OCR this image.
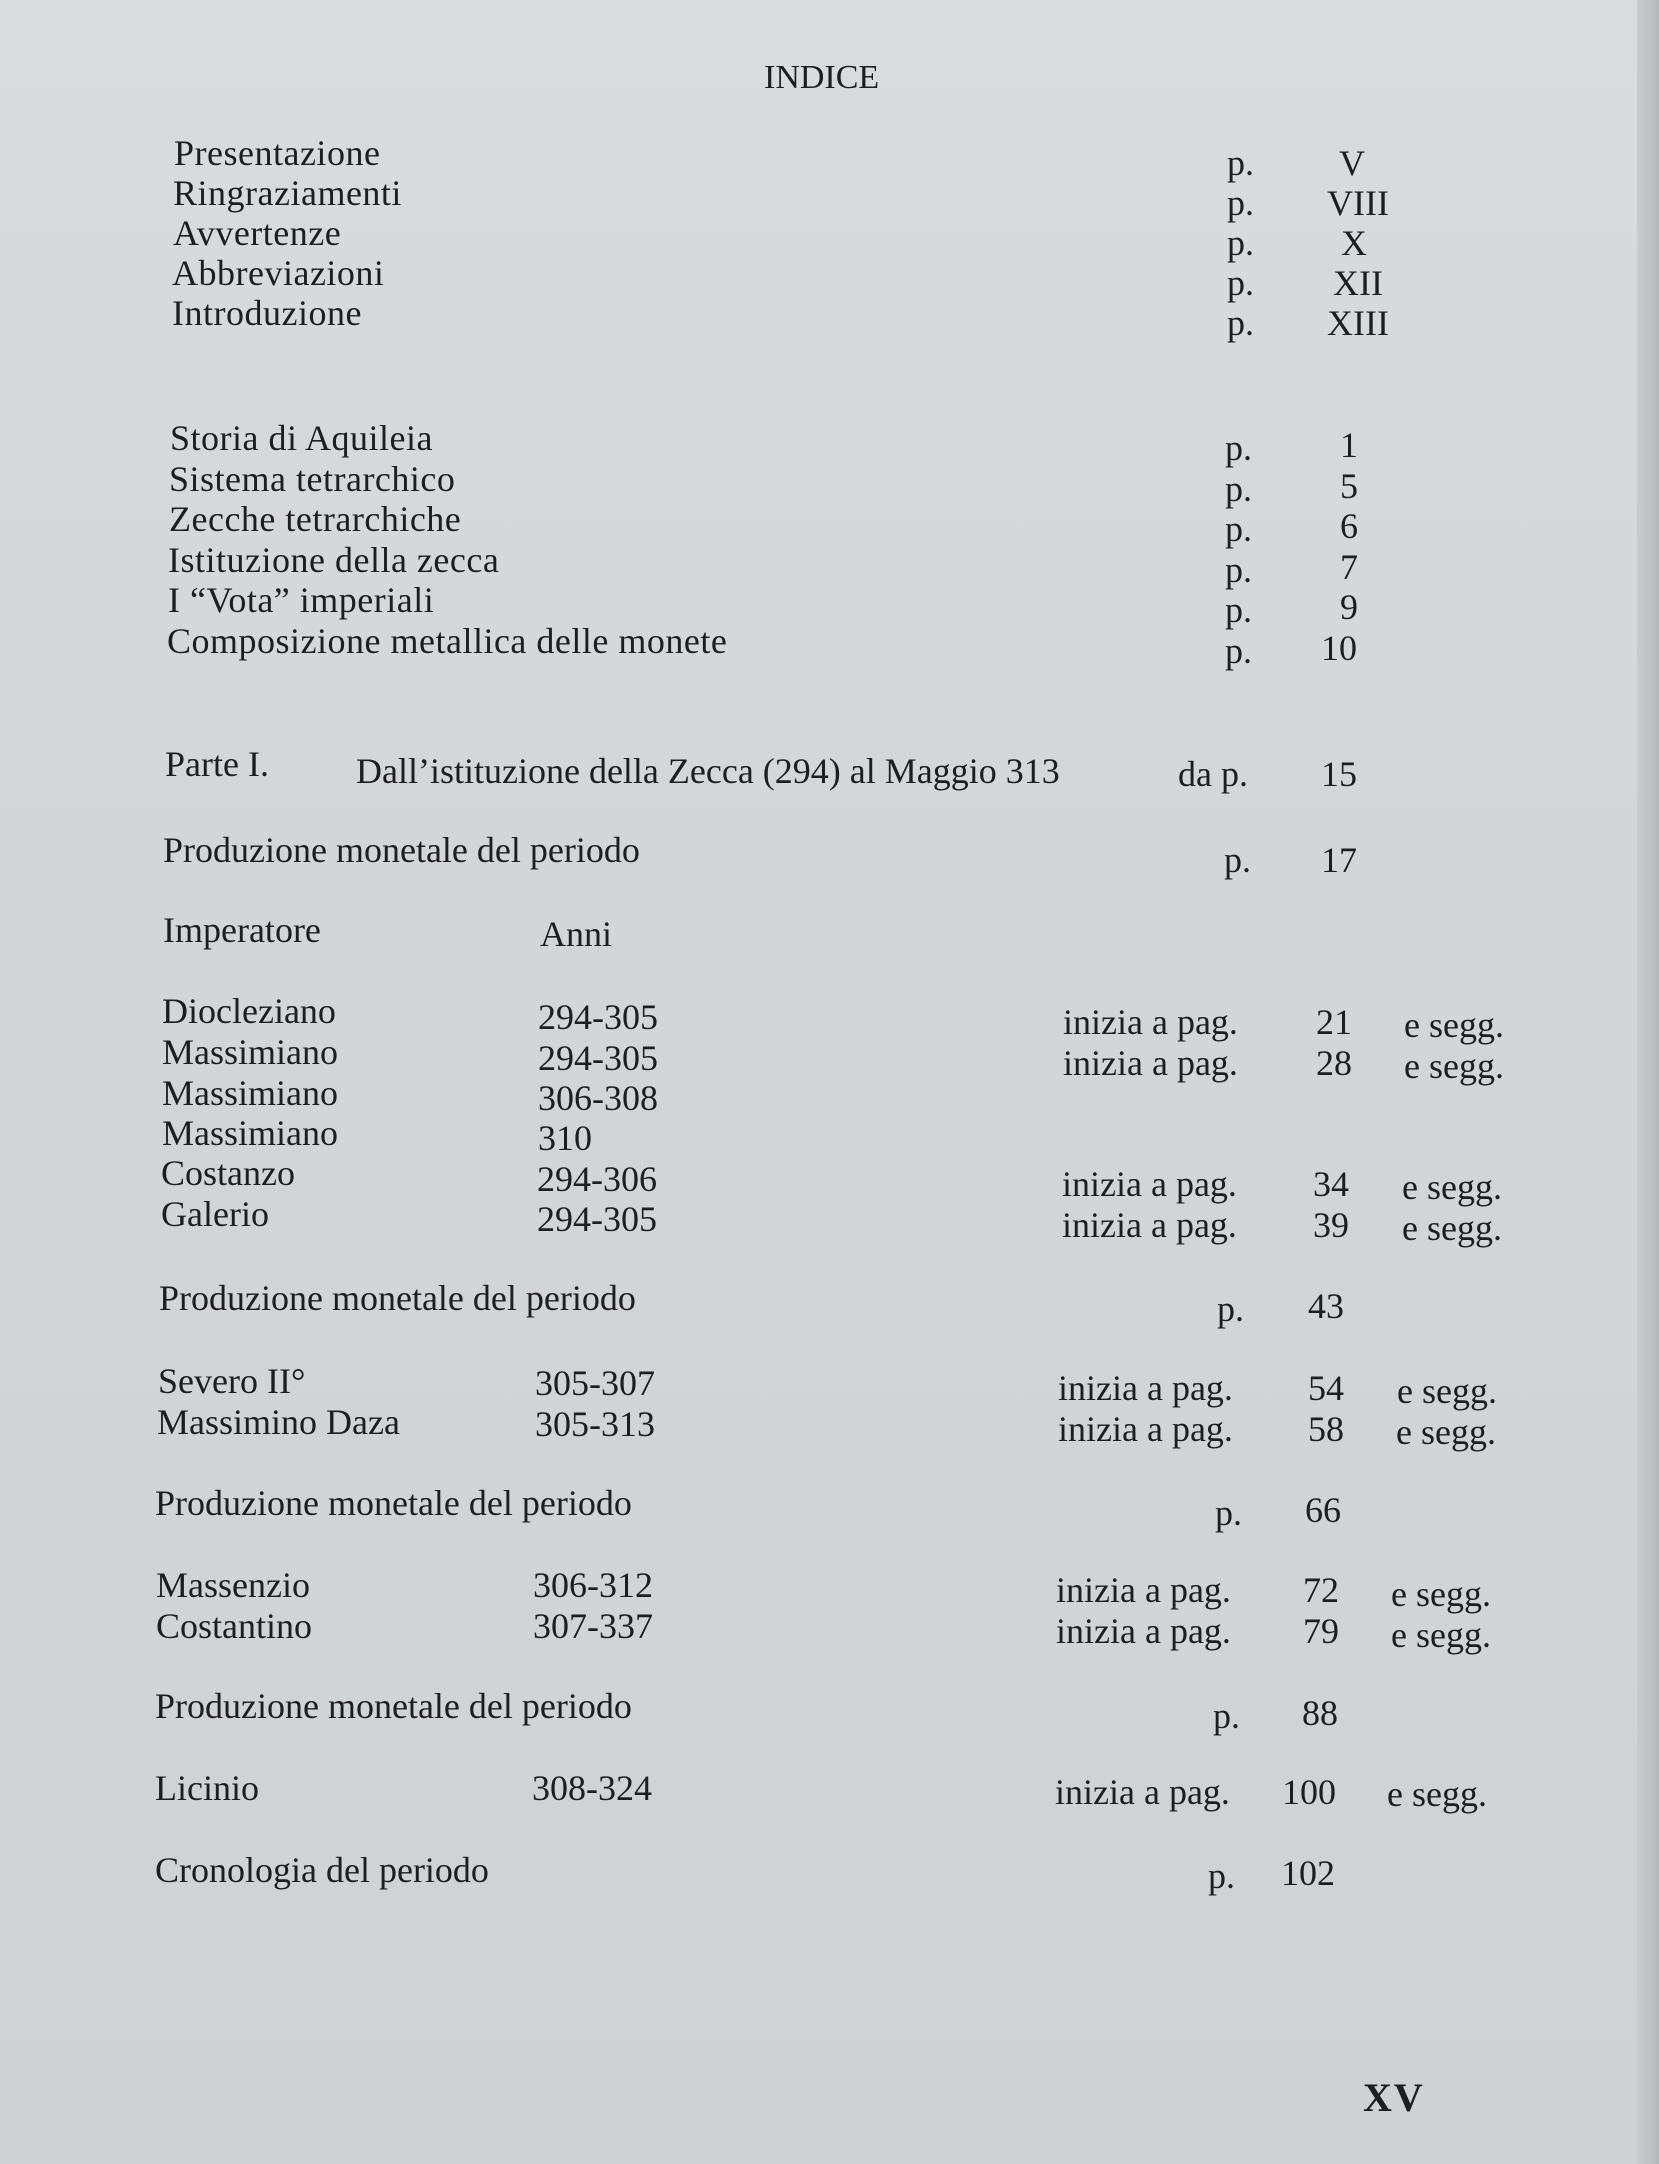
INDICE
Presentazione	p. V
Ringraziamenti	p. VIII
Avvertenze	p. X
Abbreviazioni	p. XII
Introduzione	p. XIII
Storia di Aquileia	p. 1
Sistema tetrarchico	p. 5
Zecche tetrarchiche	p. 6
Istituzione della zecca	p. 7
I “Vota” imperiali	p. 9
Composizione metallica delle monete	p. 10
Parte I. Dall’istituzione della Zecca (294) al Maggio 313	da p. 15
Produzione monetale del periodo	p. 17
Imperatore	Anni
Diocleziano	294-305	inizia a pag. 21 e segg.
Massimiano	294-305	inizia a pag. 28 e segg.
Massimiano	306-308
Massimiano	310
Costanzo	294-306	inizia a pag. 34 e segg.
Galerio	294-305	inizia a pag. 39 e segg.
Produzione monetale del periodo	p. 43
Severo II°	305-307	inizia a pag. 54 e segg.
Massimino Daza	305-313	inizia a pag. 58 e segg.
Produzione monetale del periodo	p. 66
Massenzio	306-312	inizia a pag. 72 e segg.
Costantino	307-337	inizia a pag. 79 e segg.
Produzione monetale del periodo	p. 88
Licinio	308-324	inizia a pag. 100 e segg.
Cronologia del periodo	p. 102
XV
